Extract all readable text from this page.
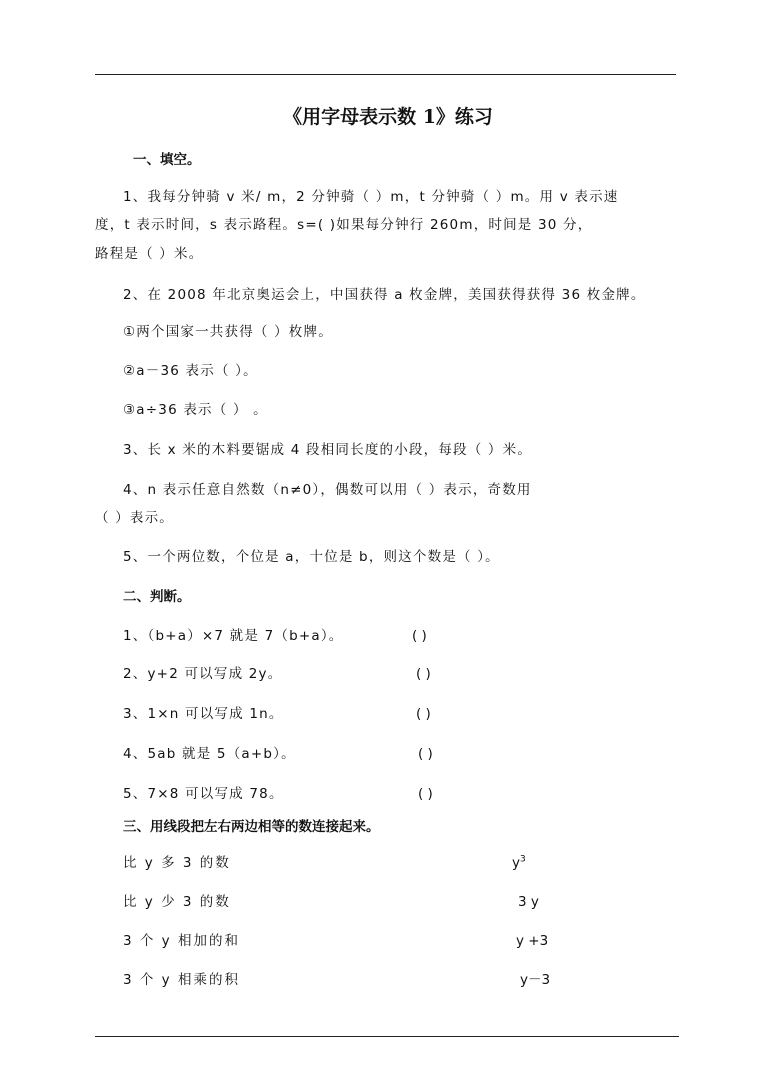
《用字母表示数 1》练习
一、填空。
1、我每分钟骑 v 米/ m，2 分钟骑（ ）m，t 分钟骑（ ）m。用 v 表示速
度，t 表示时间，s 表示路程。s=( )如果每分钟行 260m，时间是 30 分，
路程是（ ）米。
2、在 2008 年北京奥运会上，中国获得 a 枚金牌，美国获得获得 36 枚金牌。
①两个国家一共获得（ ）枚牌。
②a－36 表示（ ）。
③a÷36 表示（ ） 。
3、长 x 米的木料要锯成 4 段相同长度的小段，每段（ ）米。
4、n 表示任意自然数（n≠0），偶数可以用（ ）表示，奇数用
（ ）表示。
5、一个两位数，个位是 a，十位是 b，则这个数是（ ）。
二、判断。
1、（b+a）×7 就是 7（b+a）。	( )
2、y+2 可以写成 2y。	( )
3、1×n 可以写成 1n。	( )
4、5ab 就是 5（a+b）。	( )
5、7×8 可以写成 78。	( )
三、用线段把左右两边相等的数连接起来。
比 y 多 3 的数	$y^3$
比 y 少 3 的数	3 y
3 个 y 相加的和	y +3
3 个 y 相乘的积	y－3
